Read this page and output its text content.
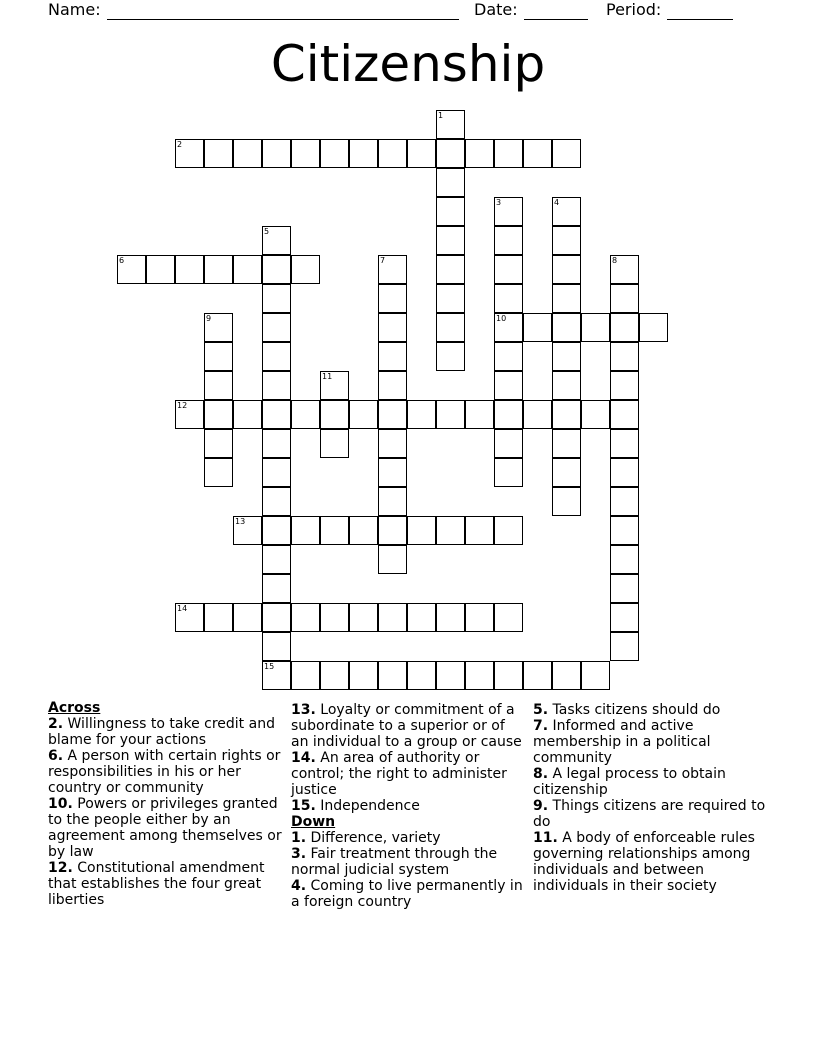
Name:	Date:	Period:
Citizenship
1
2
3	4
5
6	7	8
9	10
11
12
13
14
15
Across

2. Willingness to take credit and blame for your actions

6. A person with certain rights or responsibilities in his or her country or community

10. Powers or privileges granted to the people either by an agreement among themselves or by law

12. Constitutional amendment that establishes the four great liberties

13. Loyalty or commitment of a subordinate to a superior or of an individual to a group or cause

14. An area of authority or control; the right to administer justice

15. Independence

Down

1. Difference, variety

3. Fair treatment through the normal judicial system

4. Coming to live permanently in a foreign country

5. Tasks citizens should do

7. Informed and active membership in a political community

8. A legal process to obtain citizenship

9. Things citizens are required to do

11. A body of enforceable rules governing relationships among individuals and between individuals in their society
